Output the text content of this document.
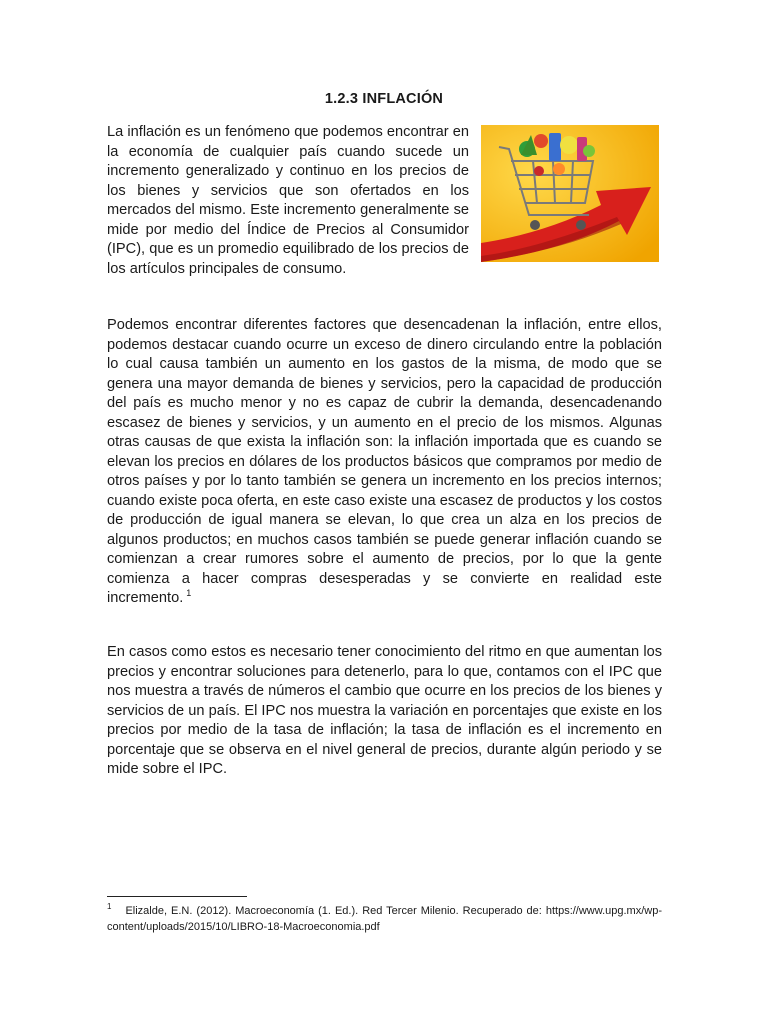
1.2.3 INFLACIÓN

La inflación es un fenómeno que podemos encontrar en la economía de cualquier país cuando sucede un incremento generalizado y continuo en los precios de los bienes y servicios que son ofertados en los mercados del mismo. Este incremento generalmente se mide por medio del Índice de Precios al Consumidor (IPC), que es un promedio equilibrado de los precios de los artículos principales de consumo.

Podemos encontrar diferentes factores que desencadenan la inflación, entre ellos, podemos destacar cuando ocurre un exceso de dinero circulando entre la población lo cual causa también un aumento en los gastos de la misma, de modo que se genera una mayor demanda de bienes y servicios, pero la capacidad de producción del país es mucho menor y no es capaz de cubrir la demanda, desencadenando escasez de bienes y servicios, y un aumento en el precio de los mismos. Algunas otras causas de que exista la inflación son: la inflación importada que es cuando se elevan los precios en dólares de los productos básicos que compramos por medio de otros países y por lo tanto también se genera un incremento en los precios internos; cuando existe poca oferta, en este caso existe una escasez de productos y los costos de producción de igual manera se elevan, lo que crea un alza en los precios de algunos productos; en muchos casos también se puede generar inflación cuando se comienzan a crear rumores sobre el aumento de precios, por lo que la gente comienza a hacer compras desesperadas y se convierte en realidad este incremento. $^1$

En casos como estos es necesario tener conocimiento del ritmo en que aumentan los precios y encontrar soluciones para detenerlo, para lo que, contamos con el IPC que nos muestra a través de números el cambio que ocurre en los precios de los bienes y servicios de un país. El IPC nos muestra la variación en porcentajes que existe en los precios por medio de la tasa de inflación; la tasa de inflación es el incremento en porcentaje que se observa en el nivel general de precios, durante algún periodo y se mide sobre el IPC.

$^1$ Elizalde, E.N. (2012). Macroeconomía (1. Ed.). Red Tercer Milenio. Recuperado de: https://www.upg.mx/wp-content/uploads/2015/10/LIBRO-18-Macroeconomia.pdf
